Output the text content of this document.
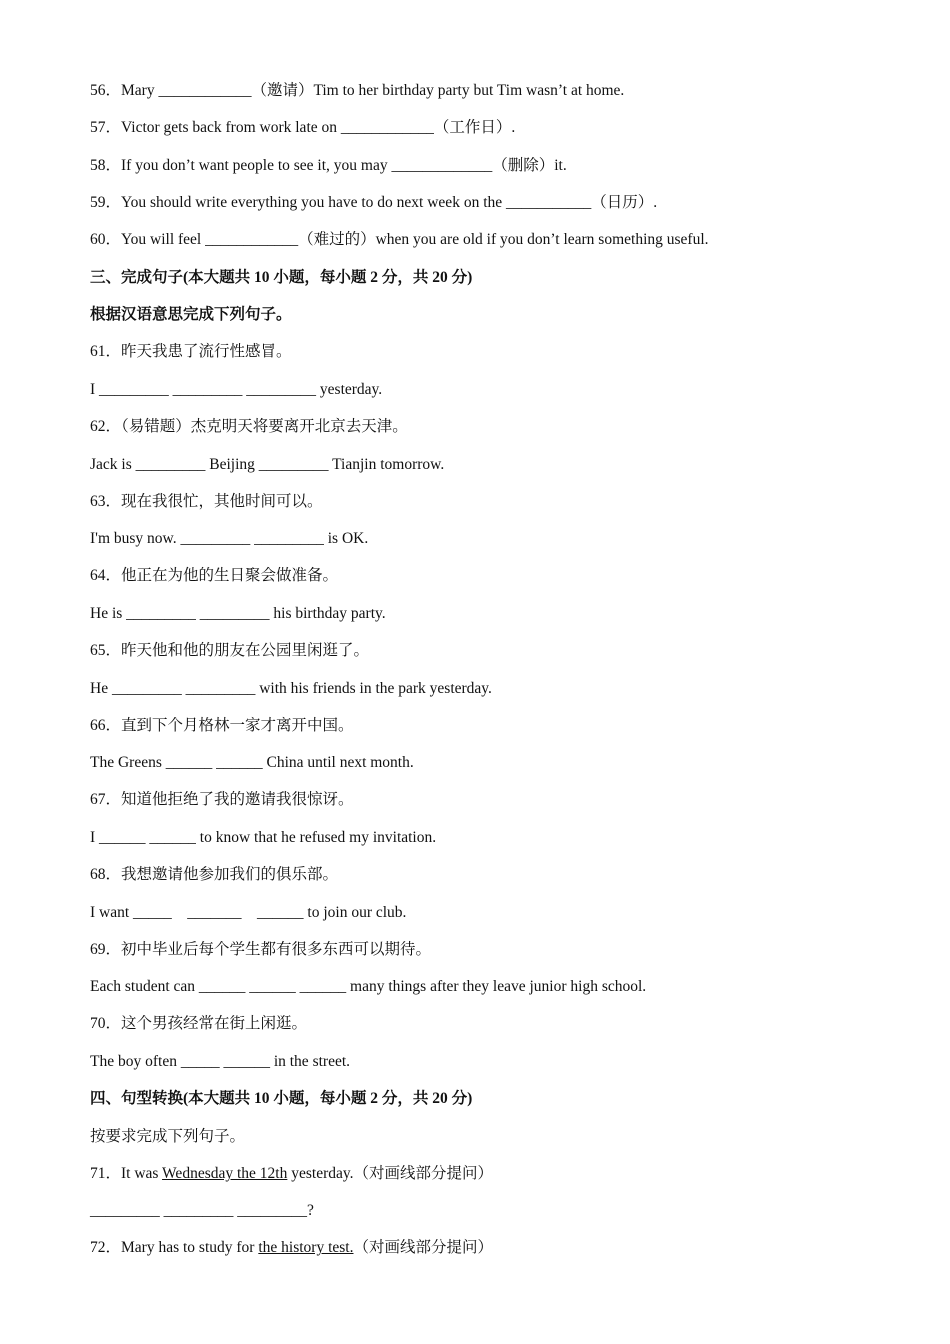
56．Mary ____________（邀请）Tim to her birthday party but Tim wasn’t at home.
57．Victor gets back from work late on ____________（工作日）.
58．If you don’t want people to see it, you may _____________（删除）it.
59．You should write everything you have to do next week on the ___________（日历）.
60．You will feel ____________（难过的）when you are old if you don’t learn something useful.
三、完成句子(本大题共 10 小题，每小题 2 分，共 20 分)
根据汉语意思完成下列句子。
61．昨天我患了流行性感冒。
I _________ _________ _________ yesterday.
62．（易错题）杰克明天将要离开北京去天津。
Jack is _________ Beijing _________ Tianjin tomorrow.
63．现在我很忙，其他时间可以。
I'm busy now. _________ _________ is OK.
64．他正在为他的生日聚会做准备。
He is _________ _________ his birthday party.
65．昨天他和他的朋友在公园里闲逛了。
He _________ _________ with his friends in the park yesterday.
66．直到下个月格林一家才离开中国。
The Greens ______ ______ China until next month.
67．知道他拒绝了我的邀请我很惊讶。
I ______ ______ to know that he refused my invitation.
68．我想邀请他参加我们的俱乐部。
I want _____    _______    ______ to join our club.
69．初中毕业后每个学生都有很多东西可以期待。
Each student can ______ ______ ______ many things after they leave junior high school.
70．这个男孩经常在街上闲逛。
The boy often _____ ______ in the street.
四、句型转换(本大题共 10 小题，每小题 2 分，共 20 分)
按要求完成下列句子。
71．It was Wednesday the 12th yesterday.（对画线部分提问）
_________ _________ _________?
72．Mary has to study for the history test.（对画线部分提问）
